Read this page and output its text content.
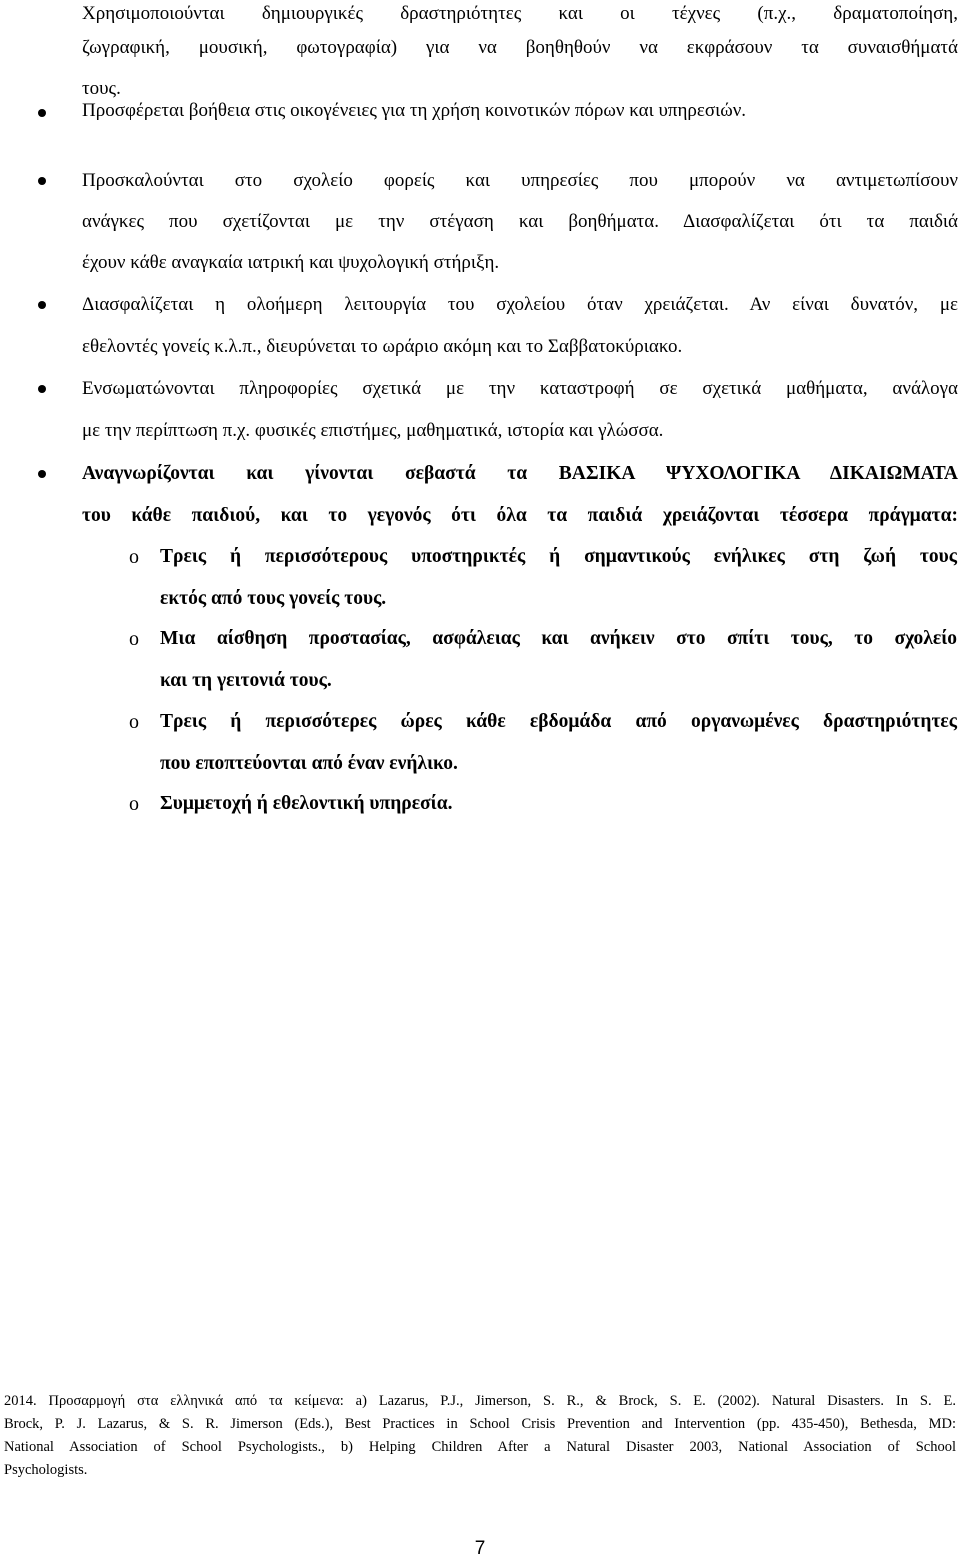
Χρησιμοποιούνται δημιουργικές δραστηριότητες και οι τέχνες (π.χ., δραματοποίηση,
ζωγραφική, μουσική, φωτογραφία) για να βοηθηθούν να εκφράσουν τα συναισθήματά
τους.
Προσφέρεται βοήθεια στις οικογένειες για τη χρήση κοινοτικών πόρων και υπηρεσιών.
Προσκαλούνται στο σχολείο φορείς και υπηρεσίες που μπορούν να αντιμετωπίσουν
ανάγκες που σχετίζονται με την στέγαση και βοηθήματα. Διασφαλίζεται ότι τα παιδιά
έχουν κάθε αναγκαία ιατρική και ψυχολογική στήριξη.
Διασφαλίζεται η ολοήμερη λειτουργία του σχολείου όταν χρειάζεται. Αν είναι δυνατόν, με
εθελοντές γονείς κ.λ.π., διευρύνεται το ωράριο ακόμη και το Σαββατοκύριακο.
Ενσωματώνονται πληροφορίες σχετικά με την καταστροφή σε σχετικά μαθήματα, ανάλογα
με την περίπτωση π.χ. φυσικές επιστήμες, μαθηματικά, ιστορία και γλώσσα.
Αναγνωρίζονται και γίνονται σεβαστά τα ΒΑΣΙΚΑ ΨΥΧΟΛΟΓΙΚΑ ΔΙΚΑΙΩΜΑΤΑ
του κάθε παιδιού, και το γεγονός ότι όλα τα παιδιά χρειάζονται τέσσερα πράγματα:
o
o
o
o
Τρεις ή περισσότερους υποστηρικτές ή σημαντικούς ενήλικες στη ζωή τους
εκτός από τους γονείς τους.
Μια αίσθηση προστασίας, ασφάλειας και ανήκειν στο σπίτι τους, το σχολείο
και τη γειτονιά τους.
Τρεις ή περισσότερες ώρες κάθε εβδομάδα από οργανωμένες δραστηριότητες
που εποπτεύονται από έναν ενήλικο.
Συμμετοχή ή εθελοντική υπηρεσία.
2014. Προσαρμογή στα ελληνικά από τα κείμενα: a) Lazarus, P.J., Jimerson, S. R., & Brock, S. E. (2002). Natural Disasters. In S. E.
Brock, P. J. Lazarus, & S. R. Jimerson (Eds.), Best Practices in School Crisis Prevention and Intervention (pp. 435-450), Bethesda, MD:
National Association of School Psychologists., b) Helping Children After a Natural Disaster 2003, National Association of School
Psychologists.
7
